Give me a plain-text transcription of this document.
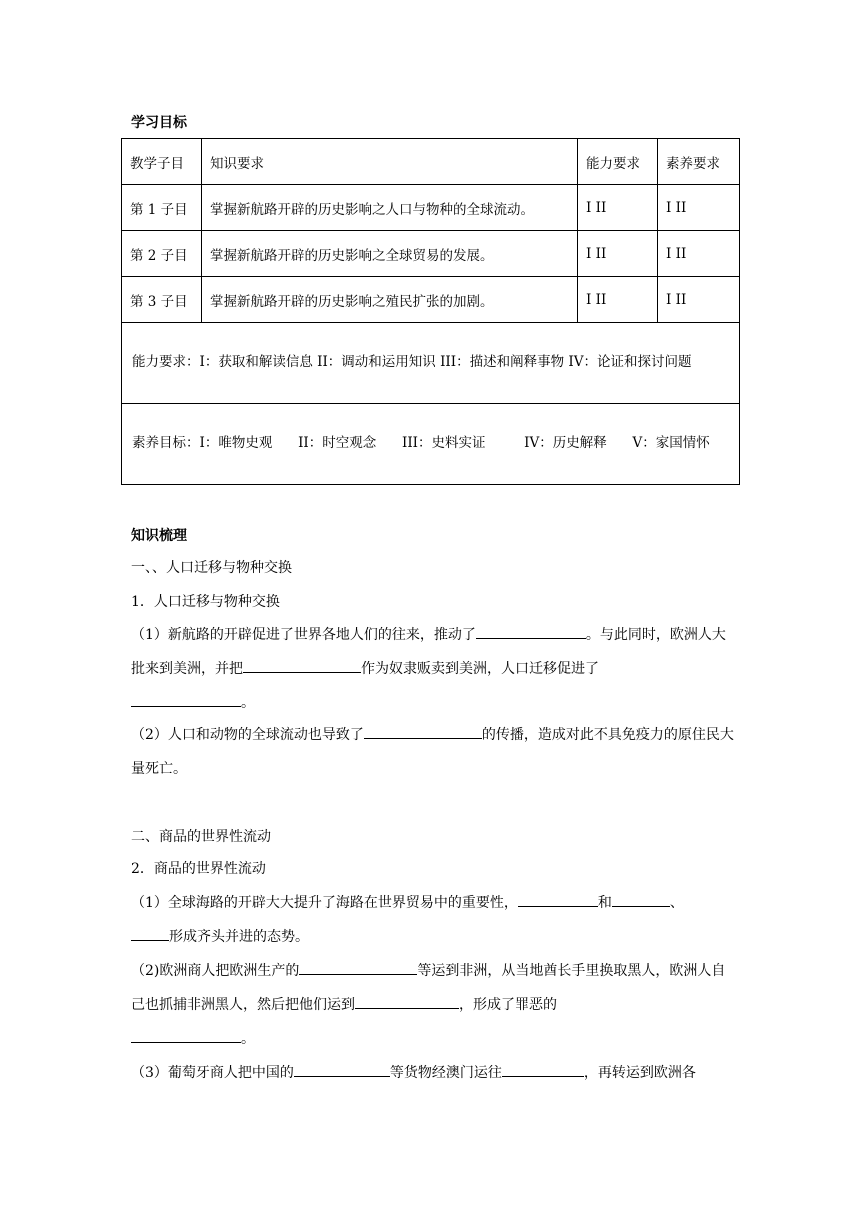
学习目标
教学子目	知识要求	能力要求	素养要求
第 1 子目	掌握新航路开辟的历史影响之人口与物种的全球流动。	I II	I II
第 2 子目	掌握新航路开辟的历史影响之全球贸易的发展。	I II	I II
第 3 子目	掌握新航路开辟的历史影响之殖民扩张的加剧。	I II	I II
能力要求：I：获取和解读信息 II：调动和运用知识 III：描述和阐释事物 IV：论证和探讨问题			
素养目标：I：唯物史观      II：时空观念      III：史料实证         IV：历史解释      V：家国情怀			
知识梳理
一、、人口迁移与物种交换
1．人口迁移与物种交换
（1）新航路的开辟促进了世界各地人们的往来，推动了	。与此同时，欧洲人大批来到美洲，并把	作为奴隶贩卖到美洲，人口迁移促进了
。
（2）人口和动物的全球流动也导致了	的传播，造成对此不具免疫力的原住民大量死亡。
二、商品的世界性流动
2．商品的世界性流动
（1）全球海路的开辟大大提升了海路在世界贸易中的重要性，	和	、
形成齐头并进的态势。
（2)欧洲商人把欧洲生产的	等运到非洲，从当地酋长手里换取黑人，欧洲人自己也抓捕非洲黑人，然后把他们运到	，形成了罪恶的
。
（3）葡萄牙商人把中国的	等货物经澳门运往	，再转运到欧洲各
